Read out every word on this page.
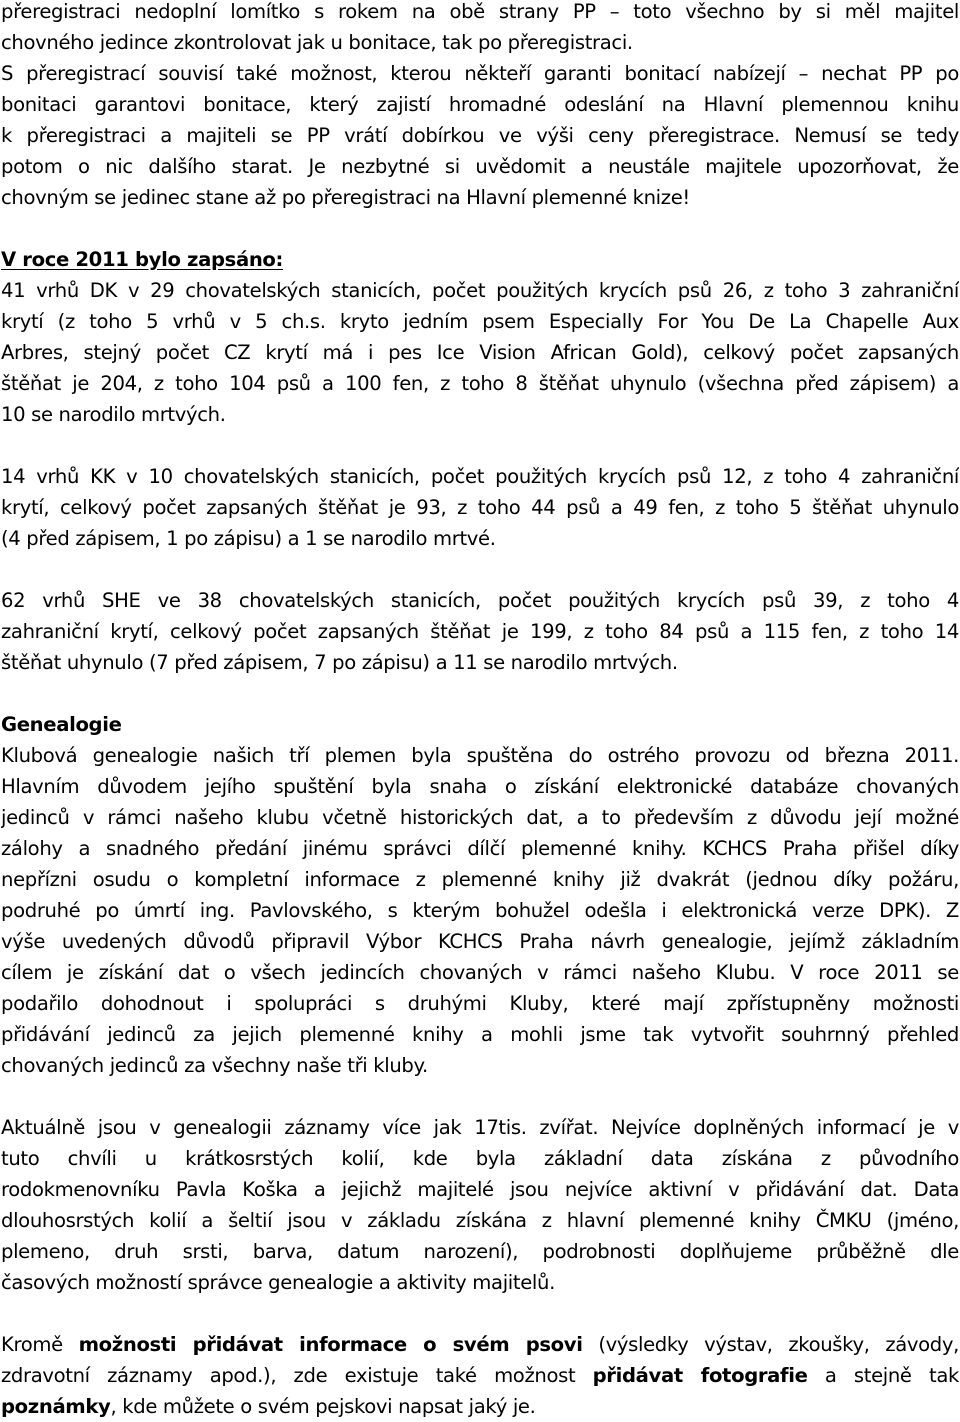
přeregistraci nedoplní lomítko s rokem na obě strany PP – toto všechno by si měl majitel
chovného jedince zkontrolovat jak u bonitace, tak po přeregistraci.
S přeregistrací souvisí také možnost, kterou někteří garanti bonitací nabízejí – nechat PP po
bonitaci garantovi bonitace, který zajistí hromadné odeslání na Hlavní plemennou knihu
k přeregistraci a majiteli se PP vrátí dobírkou ve výši ceny přeregistrace. Nemusí se tedy
potom o nic dalšího starat. Je nezbytné si uvědomit a neustále majitele upozorňovat, že
chovným se jedinec stane až po přeregistraci na Hlavní plemenné knize!
V roce 2011 bylo zapsáno:
41 vrhů DK v 29 chovatelských stanicích, počet použitých krycích psů 26, z toho 3 zahraniční
krytí (z toho 5 vrhů v 5 ch.s. kryto jedním psem Especially For You De La Chapelle Aux
Arbres, stejný počet CZ krytí má i pes Ice Vision African Gold), celkový počet zapsaných
štěňat je 204, z toho 104 psů a 100 fen, z toho 8 štěňat uhynulo (všechna před zápisem) a
10 se narodilo mrtvých.
14 vrhů KK v 10 chovatelských stanicích, počet použitých krycích psů 12, z toho 4 zahraniční
krytí, celkový počet zapsaných štěňat je 93, z toho 44 psů a 49 fen, z toho 5 štěňat uhynulo
(4 před zápisem, 1 po zápisu) a 1 se narodilo mrtvé.
62 vrhů SHE ve 38 chovatelských stanicích, počet použitých krycích psů 39, z toho 4
zahraniční krytí, celkový počet zapsaných štěňat je 199, z toho 84 psů a 115 fen, z toho 14
štěňat uhynulo (7 před zápisem, 7 po zápisu) a 11 se narodilo mrtvých.
Genealogie
Klubová genealogie našich tří plemen byla spuštěna do ostrého provozu od března 2011.
Hlavním důvodem jejího spuštění byla snaha o získání elektronické databáze chovaných
jedinců v rámci našeho klubu včetně historických dat, a to především z důvodu její možné
zálohy a snadného předání jinému správci dílčí plemenné knihy. KCHCS Praha přišel díky
nepřízni osudu o kompletní informace z plemenné knihy již dvakrát (jednou díky požáru,
podruhé po úmrtí ing. Pavlovského, s kterým bohužel odešla i elektronická verze DPK). Z
výše uvedených důvodů připravil Výbor KCHCS Praha návrh genealogie, jejímž základním
cílem je získání dat o všech jedincích chovaných v rámci našeho Klubu. V roce 2011 se
podařilo dohodnout i spolupráci s druhými Kluby, které mají zpřístupněny možnosti
přidávání jedinců za jejich plemenné knihy a mohli jsme tak vytvořit souhrnný přehled
chovaných jedinců za všechny naše tři kluby.
Aktuálně jsou v genealogii záznamy více jak 17tis. zvířat. Nejvíce doplněných informací je v
tuto chvíli u krátkosrstých kolií, kde byla základní data získána z původního
rodokmenovníku Pavla Koška a jejichž majitelé jsou nejvíce aktivní v přidávání dat. Data
dlouhosrstých kolií a šeltií jsou v základu získána z hlavní plemenné knihy ČMKU (jméno,
plemeno, druh srsti, barva, datum narození), podrobnosti doplňujeme průběžně dle
časových možností správce genealogie a aktivity majitelů.
Kromě možnosti přidávat informace o svém psovi (výsledky výstav, zkoušky, závody,
zdravotní záznamy apod.), zde existuje také možnost přidávat fotografie a stejně tak
poznámky, kde můžete o svém pejskovi napsat jaký je.
